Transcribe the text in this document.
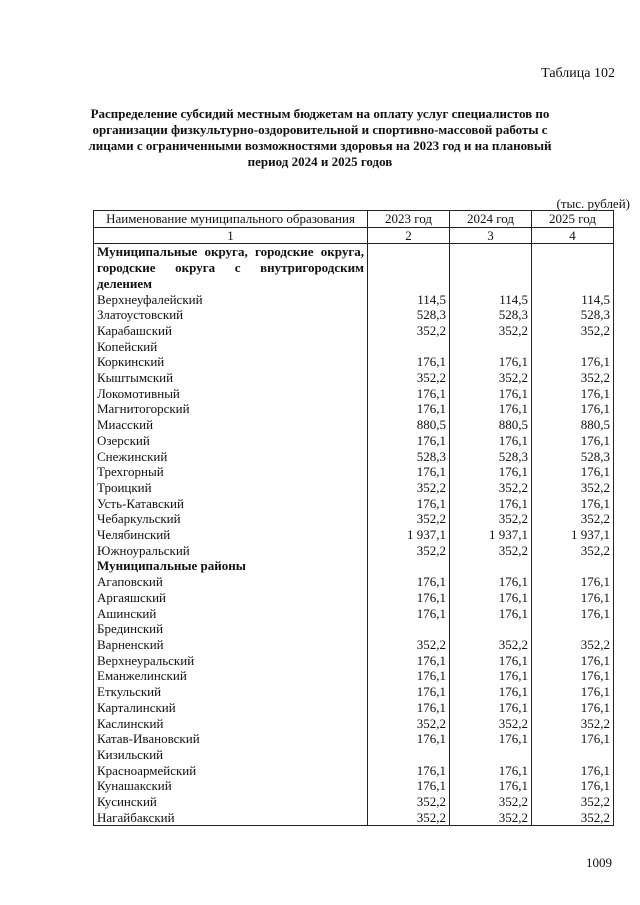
Таблица 102
Распределение субсидий местным бюджетам на оплату услуг специалистов по организации физкультурно-оздоровительной и спортивно-массовой работы с лицами с ограниченными возможностями здоровья на 2023 год и на плановый период 2024 и 2025 годов
(тыс. рублей)
Наименование муниципального образования	2023 год	2024 год	2025 год
1	2	3	4
Муниципальные округа, городские округа, городские округа с внутригородским делением			
Верхнеуфалейский	114,5	114,5	114,5
Златоустовский	528,3	528,3	528,3
Карабашский	352,2	352,2	352,2
Копейский			
Коркинский	176,1	176,1	176,1
Кыштымский	352,2	352,2	352,2
Локомотивный	176,1	176,1	176,1
Магнитогорский	176,1	176,1	176,1
Миасский	880,5	880,5	880,5
Озерский	176,1	176,1	176,1
Снежинский	528,3	528,3	528,3
Трехгорный	176,1	176,1	176,1
Троицкий	352,2	352,2	352,2
Усть-Катавский	176,1	176,1	176,1
Чебаркульский	352,2	352,2	352,2
Челябинский	1 937,1	1 937,1	1 937,1
Южноуральский	352,2	352,2	352,2
Муниципальные районы			
Агаповский	176,1	176,1	176,1
Аргаяшский	176,1	176,1	176,1
Ашинский	176,1	176,1	176,1
Брединский			
Варненский	352,2	352,2	352,2
Верхнеуральский	176,1	176,1	176,1
Еманжелинский	176,1	176,1	176,1
Еткульский	176,1	176,1	176,1
Карталинский	176,1	176,1	176,1
Каслинский	352,2	352,2	352,2
Катав-Ивановский	176,1	176,1	176,1
Кизильский			
Красноармейский	176,1	176,1	176,1
Кунашакский	176,1	176,1	176,1
Кусинский	352,2	352,2	352,2
Нагайбакский	352,2	352,2	352,2
1009
